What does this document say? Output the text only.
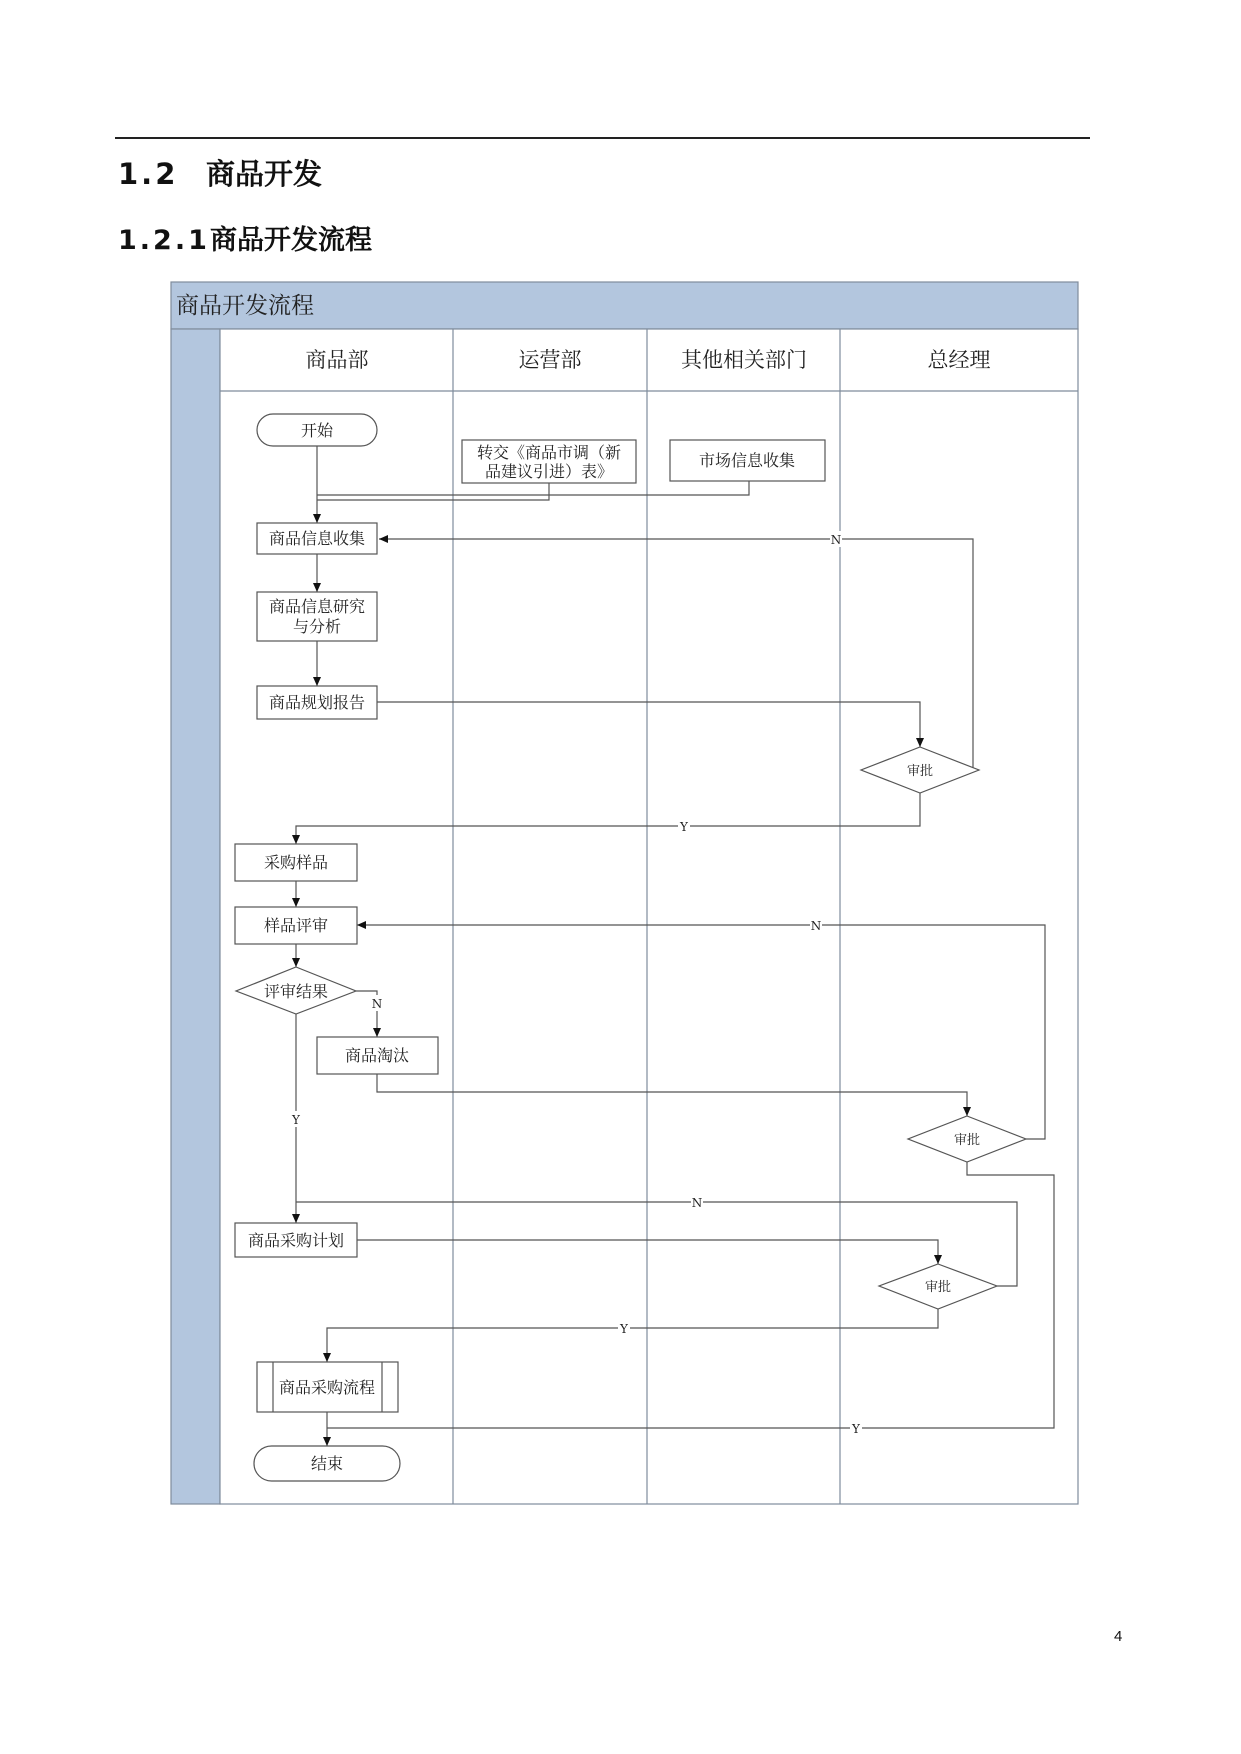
1.2 商品开发
1.2.1商品开发流程
商品开发流程
商品部	运营部	其他相关部门	总经理
N
Y
N
Y
N
N
Y
Y
开始
转交《商品市调（新
品建议引进）表》
市场信息收集
商品信息收集
商品信息研究
与分析
商品规划报告
采购样品
样品评审
评审结果
商品淘汰
商品采购计划
商品采购流程
结束
审批
审批
审批
4
